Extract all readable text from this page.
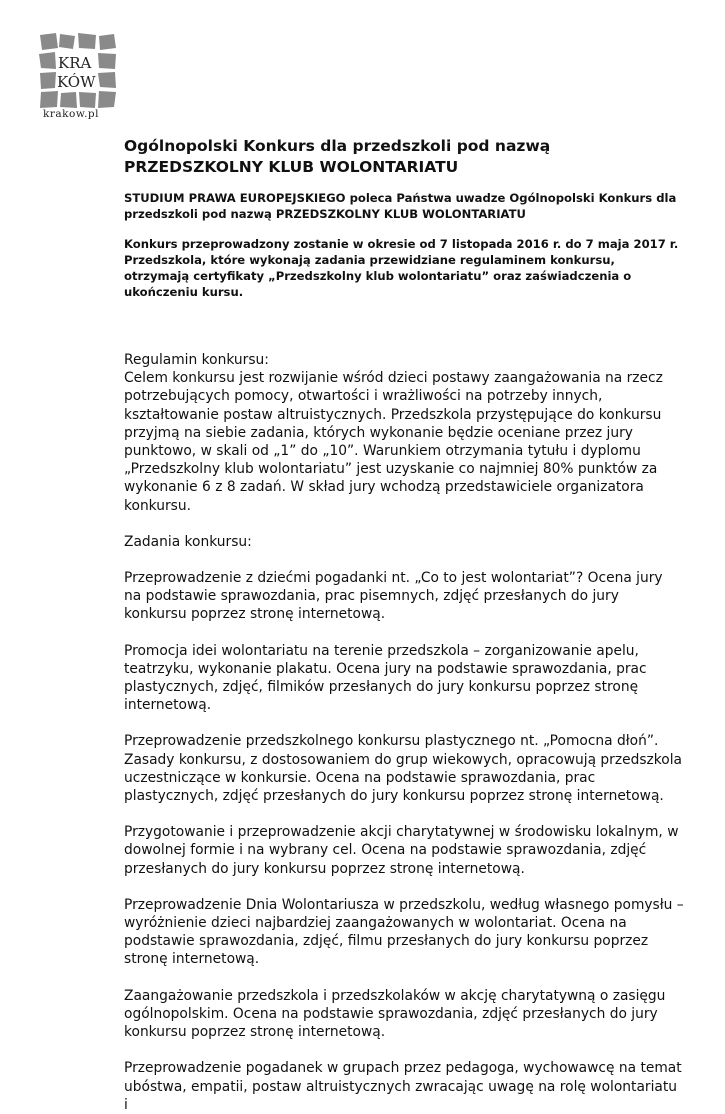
KRA
KÓW
krakow.pl
Ogólnopolski Konkurs dla przedszkoli pod nazwą
PRZEDSZKOLNY KLUB WOLONTARIATU

STUDIUM PRAWA EUROPEJSKIEGO poleca Państwa uwadze Ogólnopolski Konkurs dla przedszkoli pod nazwą PRZEDSZKOLNY KLUB WOLONTARIATU

Konkurs przeprowadzony zostanie w okresie od 7 listopada 2016 r. do 7 maja 2017 r. Przedszkola, które wykonają zadania przewidziane regulaminem konkursu, otrzymają certyfikaty „Przedszkolny klub wolontariatu” oraz zaświadczenia o ukończeniu kursu.

Regulamin konkursu:

Celem konkursu jest rozwijanie wśród dzieci postawy zaangażowania na rzecz potrzebujących pomocy, otwartości i wrażliwości na potrzeby innych, kształtowanie postaw altruistycznych. Przedszkola przystępujące do konkursu przyjmą na siebie zadania, których wykonanie będzie oceniane przez jury punktowo, w skali od „1” do „10”. Warunkiem otrzymania tytułu i dyplomu „Przedszkolny klub wolontariatu” jest uzyskanie co najmniej 80% punktów za wykonanie 6 z 8 zadań. W skład jury wchodzą przedstawiciele organizatora konkursu.

Zadania konkursu:

Przeprowadzenie z dziećmi pogadanki nt. „Co to jest wolontariat”? Ocena jury na podstawie sprawozdania, prac pisemnych, zdjęć przesłanych do jury konkursu poprzez stronę internetową.

Promocja idei wolontariatu na terenie przedszkola – zorganizowanie apelu, teatrzyku, wykonanie plakatu. Ocena jury na podstawie sprawozdania, prac plastycznych, zdjęć, filmików przesłanych do jury konkursu poprzez stronę internetową.

Przeprowadzenie przedszkolnego konkursu plastycznego nt. „Pomocna dłoń”. Zasady konkursu, z dostosowaniem do grup wiekowych, opracowują przedszkola uczestniczące w konkursie. Ocena na podstawie sprawozdania, prac plastycznych, zdjęć przesłanych do jury konkursu poprzez stronę internetową.

Przygotowanie i przeprowadzenie akcji charytatywnej w środowisku lokalnym, w dowolnej formie i na wybrany cel. Ocena na podstawie sprawozdania, zdjęć przesłanych do jury konkursu poprzez stronę internetową.

Przeprowadzenie Dnia Wolontariusza w przedszkolu, według własnego pomysłu – wyróżnienie dzieci najbardziej zaangażowanych w wolontariat. Ocena na podstawie sprawozdania, zdjęć, filmu przesłanych do jury konkursu poprzez stronę internetową.

Zaangażowanie przedszkola i przedszkolaków w akcję charytatywną o zasięgu ogólnopolskim. Ocena na podstawie sprawozdania, zdjęć przesłanych do jury konkursu poprzez stronę internetową.

Przeprowadzenie pogadanek w grupach przez pedagoga, wychowawcę na temat ubóstwa, empatii, postaw altruistycznych zwracając uwagę na rolę wolontariatu i
